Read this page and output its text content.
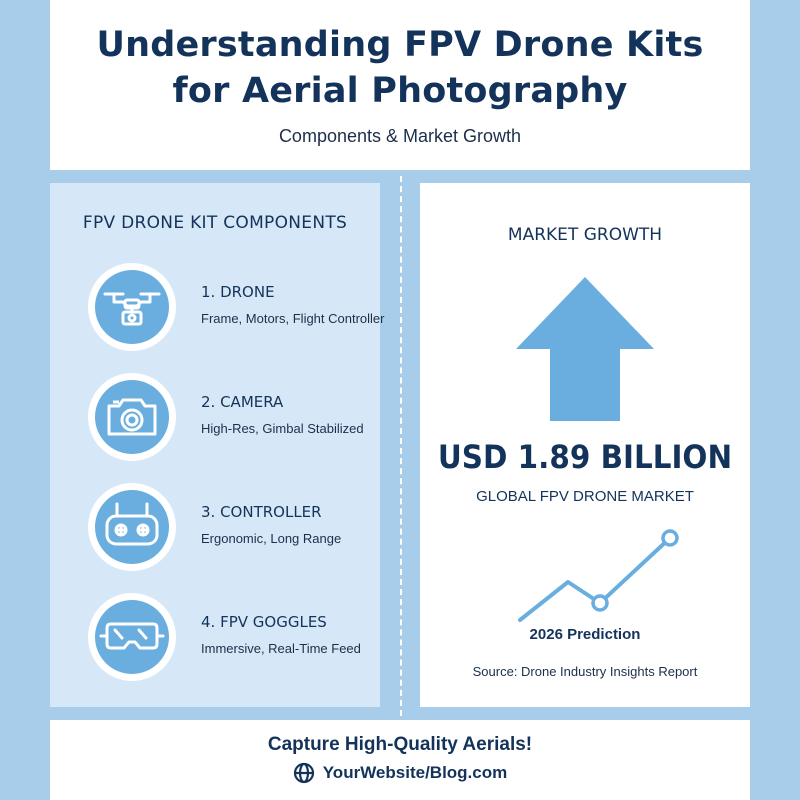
Understanding FPV Drone Kits
for Aerial Photography
Components & Market Growth
FPV DRONE KIT COMPONENTS
1. DRONE
Frame, Motors, Flight Controller
2. CAMERA
High-Res, Gimbal Stabilized
3. CONTROLLER
Ergonomic, Long Range
4. FPV GOGGLES
Immersive, Real-Time Feed
MARKET GROWTH
USD 1.89 BILLION
GLOBAL FPV DRONE MARKET
2026 Prediction
Source: Drone Industry Insights Report
Capture High-Quality Aerials!
YourWebsite/Blog.com
